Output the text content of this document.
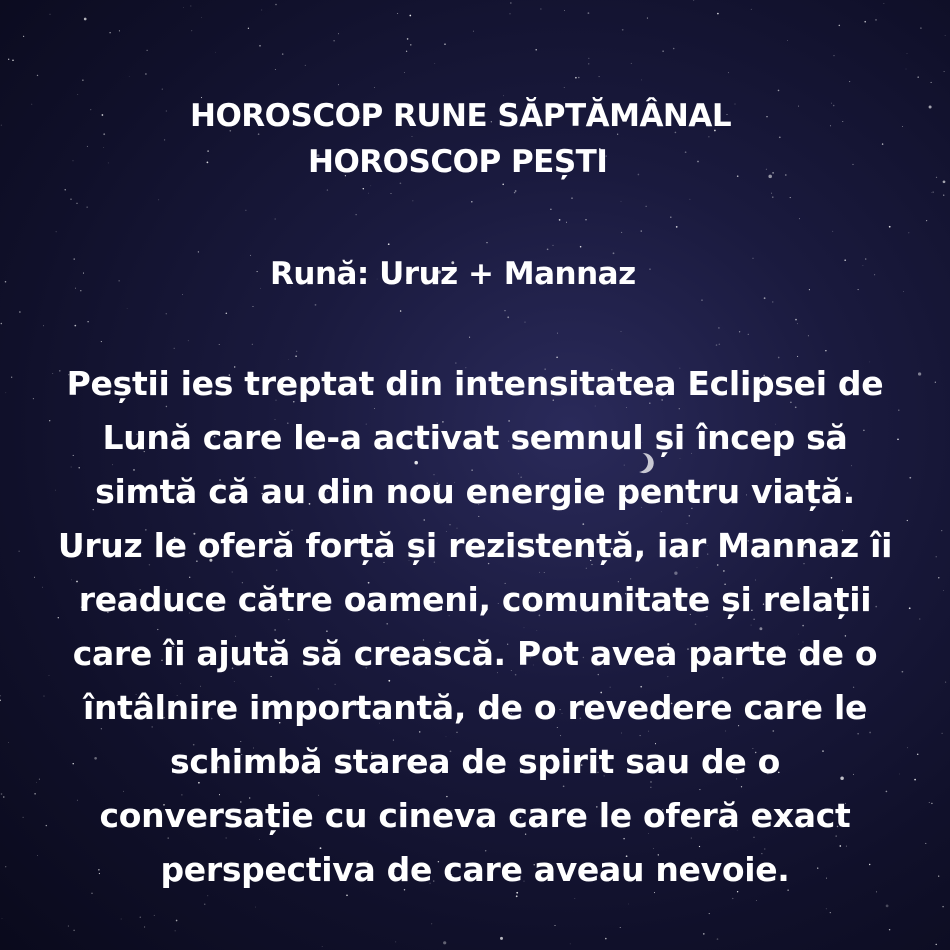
HOROSCOP RUNE SĂPTĂMÂNAL
HOROSCOP PEȘTI
Rună: Uruz + Mannaz
Peștii ies treptat din intensitatea Eclipsei de
Lună care le-a activat semnul și încep să
simtă că au din nou energie pentru viață.
Uruz le oferă forță și rezistență, iar Mannaz îi
readuce către oameni, comunitate și relații
care îi ajută să crească. Pot avea parte de o
întâlnire importantă, de o revedere care le
schimbă starea de spirit sau de o
conversație cu cineva care le oferă exact
perspectiva de care aveau nevoie.
